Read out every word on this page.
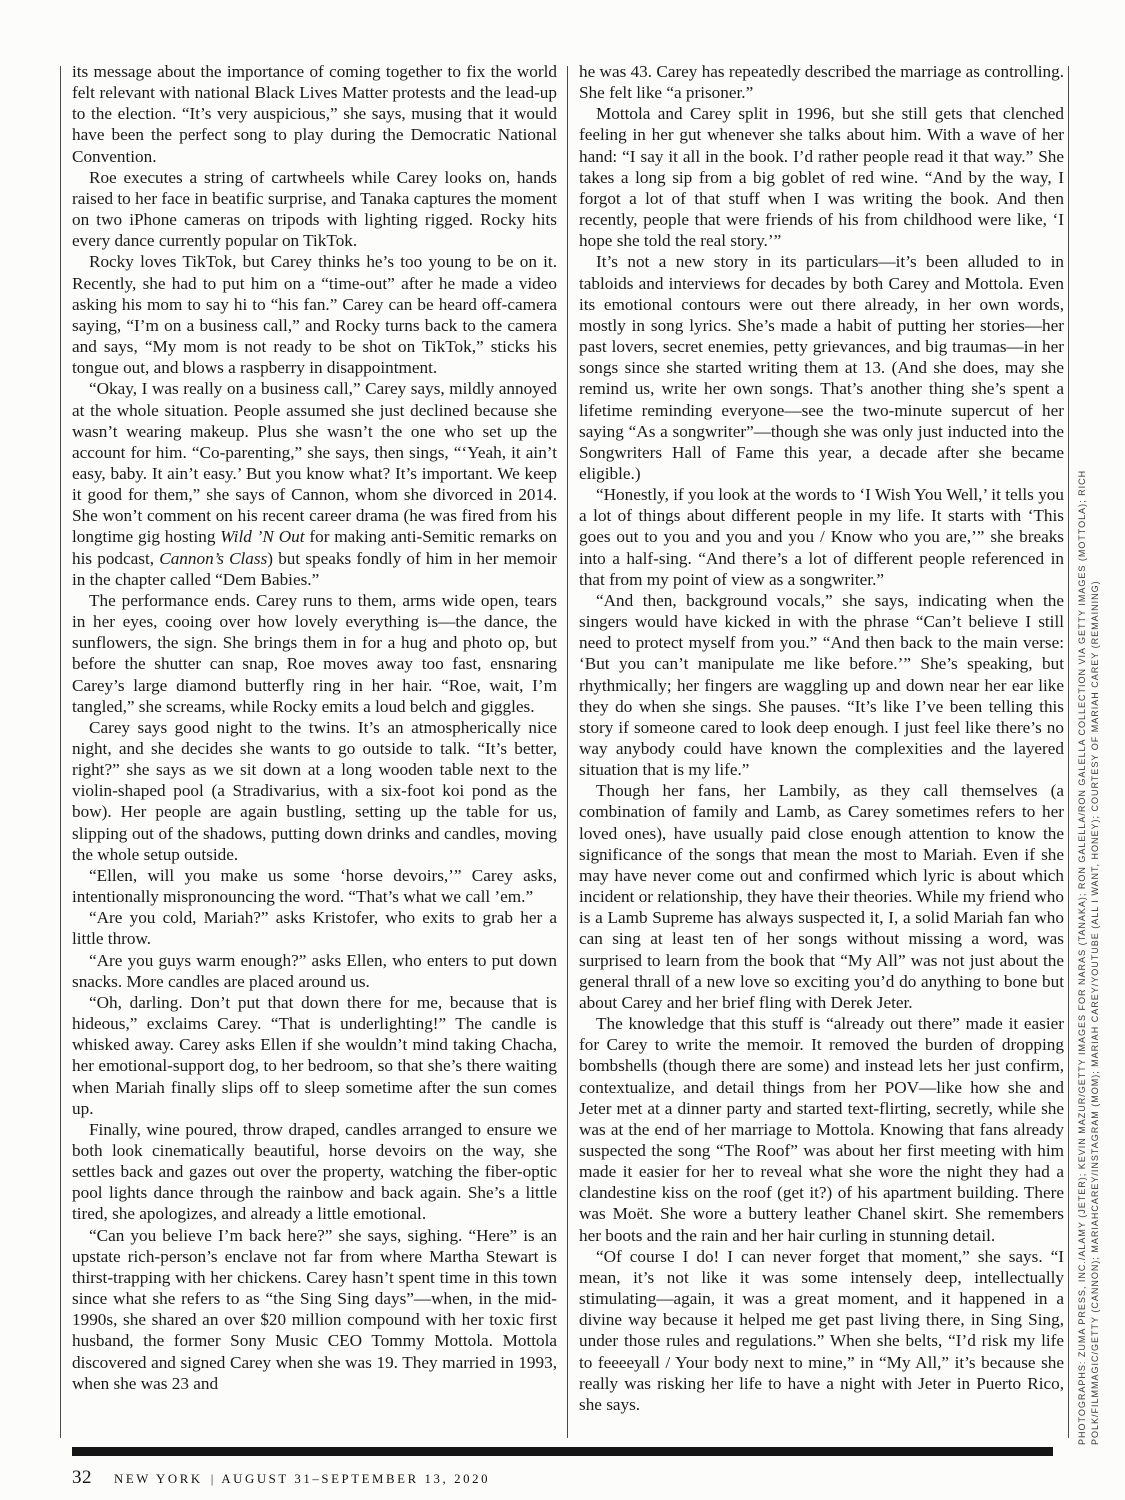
its message about the importance of coming together to fix the world felt relevant with national Black Lives Matter protests and the lead-up to the election. “It’s very auspicious,” she says, musing that it would have been the perfect song to play during the Democratic National Convention.

Roe executes a string of cartwheels while Carey looks on, hands raised to her face in beatific surprise, and Tanaka captures the moment on two iPhone cameras on tripods with lighting rigged. Rocky hits every dance currently popular on TikTok.

Rocky loves TikTok, but Carey thinks he’s too young to be on it. Recently, she had to put him on a “time-out” after he made a video asking his mom to say hi to “his fan.” Carey can be heard off-camera saying, “I’m on a business call,” and Rocky turns back to the camera and says, “My mom is not ready to be shot on TikTok,” sticks his tongue out, and blows a raspberry in disappointment.

“Okay, I was really on a business call,” Carey says, mildly annoyed at the whole situation. People assumed she just declined because she wasn’t wearing makeup. Plus she wasn’t the one who set up the account for him. “Co-parenting,” she says, then sings, “‘Yeah, it ain’t easy, baby. It ain’t easy.’ But you know what? It’s important. We keep it good for them,” she says of Cannon, whom she divorced in 2014. She won’t comment on his recent career drama (he was fired from his longtime gig hosting Wild ’N Out for making anti-Semitic remarks on his podcast, Cannon’s Class) but speaks fondly of him in her memoir in the chapter called “Dem Babies.”

The performance ends. Carey runs to them, arms wide open, tears in her eyes, cooing over how lovely everything is—the dance, the sunflowers, the sign. She brings them in for a hug and photo op, but before the shutter can snap, Roe moves away too fast, ensnaring Carey’s large diamond butterfly ring in her hair. “Roe, wait, I’m tangled,” she screams, while Rocky emits a loud belch and giggles.

Carey says good night to the twins. It’s an atmospherically nice night, and she decides she wants to go outside to talk. “It’s better, right?” she says as we sit down at a long wooden table next to the violin-shaped pool (a Stradivarius, with a six-foot koi pond as the bow). Her people are again bustling, setting up the table for us, slipping out of the shadows, putting down drinks and candles, moving the whole setup outside.

“Ellen, will you make us some ‘horse devoirs,’” Carey asks, intentionally mispronouncing the word. “That’s what we call ’em.”

“Are you cold, Mariah?” asks Kristofer, who exits to grab her a little throw.

“Are you guys warm enough?” asks Ellen, who enters to put down snacks. More candles are placed around us.

“Oh, darling. Don’t put that down there for me, because that is hideous,” exclaims Carey. “That is underlighting!” The candle is whisked away. Carey asks Ellen if she wouldn’t mind taking Chacha, her emotional-support dog, to her bedroom, so that she’s there waiting when Mariah finally slips off to sleep sometime after the sun comes up.

Finally, wine poured, throw draped, candles arranged to ensure we both look cinematically beautiful, horse devoirs on the way, she settles back and gazes out over the property, watching the fiber-optic pool lights dance through the rainbow and back again. She’s a little tired, she apologizes, and already a little emotional.

“Can you believe I’m back here?” she says, sighing. “Here” is an upstate rich-person’s enclave not far from where Martha Stewart is thirst-trapping with her chickens. Carey hasn’t spent time in this town since what she refers to as “the Sing Sing days”—when, in the mid-1990s, she shared an over $20 million compound with her toxic first husband, the former Sony Music CEO Tommy Mottola. Mottola discovered and signed Carey when she was 19. They married in 1993, when she was 23 and

he was 43. Carey has repeatedly described the marriage as controlling. She felt like “a prisoner.”

Mottola and Carey split in 1996, but she still gets that clenched feeling in her gut whenever she talks about him. With a wave of her hand: “I say it all in the book. I’d rather people read it that way.” She takes a long sip from a big goblet of red wine. “And by the way, I forgot a lot of that stuff when I was writing the book. And then recently, people that were friends of his from childhood were like, ‘I hope she told the real story.’”

It’s not a new story in its particulars—it’s been alluded to in tabloids and interviews for decades by both Carey and Mottola. Even its emotional contours were out there already, in her own words, mostly in song lyrics. She’s made a habit of putting her stories—her past lovers, secret enemies, petty grievances, and big traumas—in her songs since she started writing them at 13. (And she does, may she remind us, write her own songs. That’s another thing she’s spent a lifetime reminding everyone—see the two-minute supercut of her saying “As a songwriter”—though she was only just inducted into the Songwriters Hall of Fame this year, a decade after she became eligible.)

“Honestly, if you look at the words to ‘I Wish You Well,’ it tells you a lot of things about different people in my life. It starts with ‘This goes out to you and you and you / Know who you are,’” she breaks into a half-sing. “And there’s a lot of different people referenced in that from my point of view as a songwriter.”

“And then, background vocals,” she says, indicating when the singers would have kicked in with the phrase “Can’t believe I still need to protect myself from you.” “And then back to the main verse: ‘But you can’t manipulate me like before.’” She’s speaking, but rhythmically; her fingers are waggling up and down near her ear like they do when she sings. She pauses. “It’s like I’ve been telling this story if someone cared to look deep enough. I just feel like there’s no way anybody could have known the complexities and the layered situation that is my life.”

Though her fans, her Lambily, as they call themselves (a combination of family and Lamb, as Carey sometimes refers to her loved ones), have usually paid close enough attention to know the significance of the songs that mean the most to Mariah. Even if she may have never come out and confirmed which lyric is about which incident or relationship, they have their theories. While my friend who is a Lamb Supreme has always suspected it, I, a solid Mariah fan who can sing at least ten of her songs without missing a word, was surprised to learn from the book that “My All” was not just about the general thrall of a new love so exciting you’d do anything to bone but about Carey and her brief fling with Derek Jeter.

The knowledge that this stuff is “already out there” made it easier for Carey to write the memoir. It removed the burden of dropping bombshells (though there are some) and instead lets her just confirm, contextualize, and detail things from her POV—like how she and Jeter met at a dinner party and started text-flirting, secretly, while she was at the end of her marriage to Mottola. Knowing that fans already suspected the song “The Roof” was about her first meeting with him made it easier for her to reveal what she wore the night they had a clandestine kiss on the roof (get it?) of his apartment building. There was Moët. She wore a buttery leather Chanel skirt. She remembers her boots and the rain and her hair curling in stunning detail.

“Of course I do! I can never forget that moment,” she says. “I mean, it’s not like it was some intensely deep, intellectually stimulating—again, it was a great moment, and it happened in a divine way because it helped me get past living there, in Sing Sing, under those rules and regulations.” When she belts, “I’d risk my life to feeeeyall / Your body next to mine,” in “My All,” it’s because she really was risking her life to have a night with Jeter in Puerto Rico, she says.	PHOTOGRAPHS: ZUMA PRESS, INC./ALAMY (JETER); KEVIN MAZUR/GETTY IMAGES FOR NARAS (TANAKA); RON GALELLA/RON GALELLA COLLECTION VIA GETTY IMAGES (MOTTOLA); RICH POLK/FILMMAGIC/GETTY (CANNON); MARIAHCAREY/INSTAGRAM (MOM); MARIAH CAREY/YOUTUBE (ALL I WANT, HONEY); COURTESY OF MARIAH CAREY (REMAINING)
32 NEW YORK | AUGUST 31–SEPTEMBER 13, 2020
